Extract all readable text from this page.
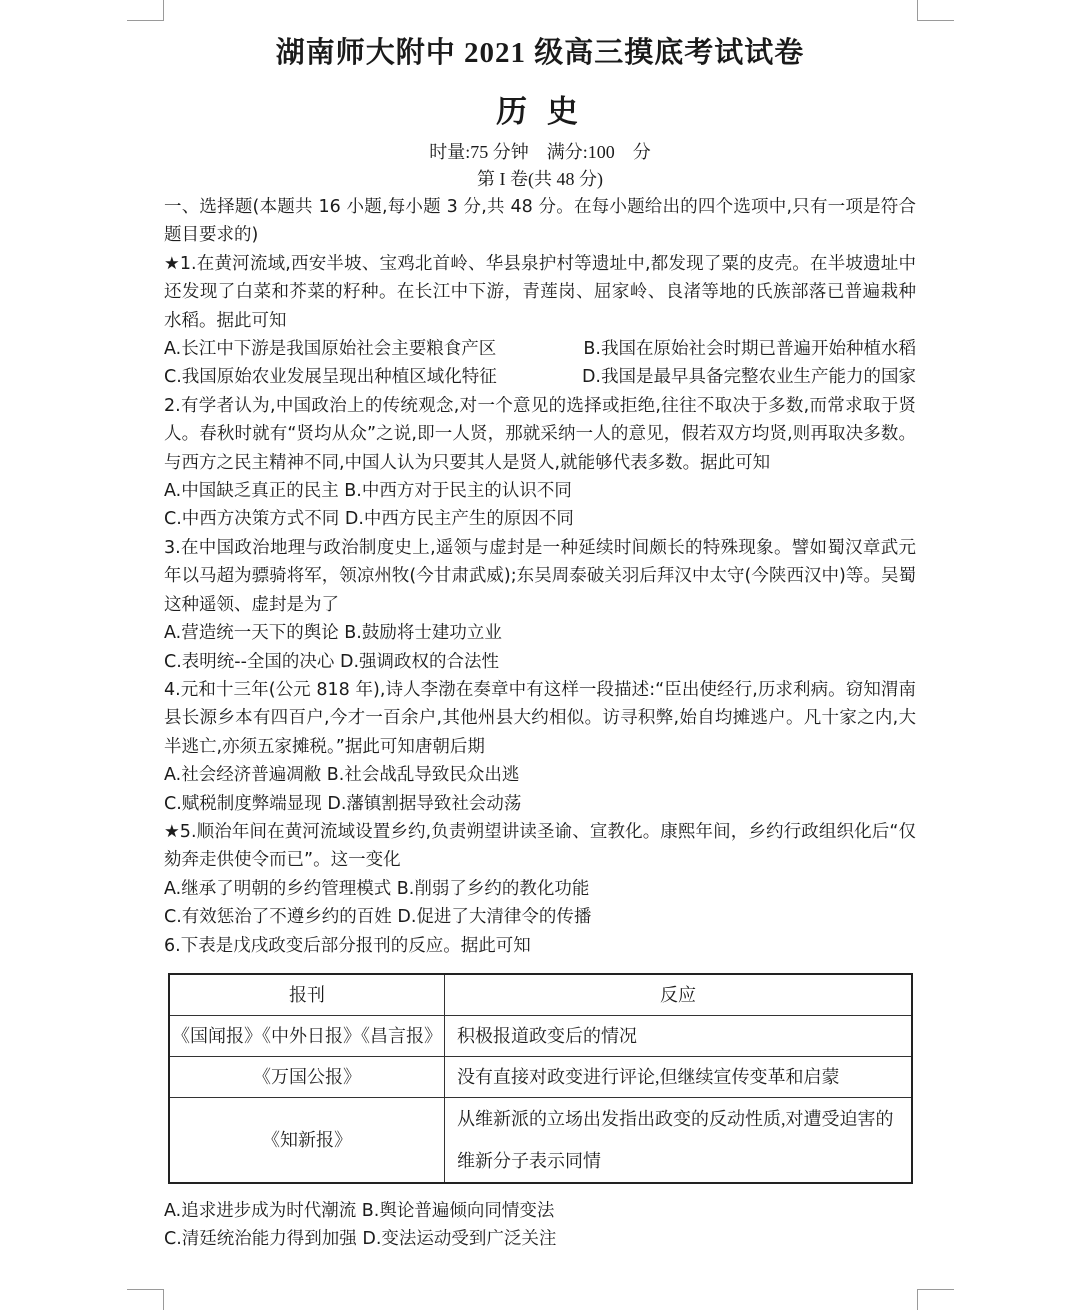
湖南师大附中 2021 级高三摸底考试试卷
历 史
时量:75 分钟　满分:100　分
第 I 卷(共 48 分)

一、选择题(本题共 16 小题,每小题 3 分,共 48 分。在每小题给出的四个选项中,只有一项是符合题目要求的)

★1.在黄河流域,西安半坡、宝鸡北首岭、华县泉护村等遗址中,都发现了粟的皮壳。在半坡遗址中还发现了白菜和芥菜的籽种。在长江中下游，青莲岗、屈家岭、良渚等地的氏族部落已普遍栽种水稻。据此可知

A.长江中下游是我国原始社会主要粮食产区	B.我国在原始社会时期已普遍开始种植水稻
C.我国原始农业发展呈现出种植区域化特征	D.我国是最早具备完整农业生产能力的国家

2.有学者认为,中国政治上的传统观念,对一个意见的选择或拒绝,往往不取决于多数,而常求取于贤人。春秋时就有“贤均从众”之说,即一人贤，那就采纳一人的意见，假若双方均贤,则再取决多数。与西方之民主精神不同,中国人认为只要其人是贤人,就能够代表多数。据此可知

A.中国缺乏真正的民主 B.中西方对于民主的认识不同

C.中西方决策方式不同 D.中西方民主产生的原因不同

3.在中国政治地理与政治制度史上,遥领与虚封是一种延续时间颇长的特殊现象。譬如蜀汉章武元年以马超为骠骑将军，领凉州牧(今甘肃武威);东吴周泰破关羽后拜汉中太守(今陕西汉中)等。吴蜀这种遥领、虚封是为了

A.营造统一天下的舆论 B.鼓励将士建功立业

C.表明统--全国的决心 D.强调政权的合法性

4.元和十三年(公元 818 年),诗人李渤在奏章中有这样一段描述:“臣出使经行,历求利病。窃知渭南县长源乡本有四百户,今才一百余户,其他州县大约相似。访寻积弊,始自均摊逃户。凡十家之内,大半逃亡,亦须五家摊税。”据此可知唐朝后期

A.社会经济普遍凋敝 B.社会战乱导致民众出逃

C.赋税制度弊端显现 D.藩镇割据导致社会动荡

★5.顺治年间在黄河流域设置乡约,负责朔望讲读圣谕、宣教化。康熙年间，乡约行政组织化后“仅劾奔走供使令而已”。这一变化

A.继承了明朝的乡约管理模式 B.削弱了乡约的教化功能

C.有效惩治了不遵乡约的百姓 D.促进了大清律令的传播

6.下表是戊戌政变后部分报刊的反应。据此可知

报刊	反应
《国闻报》《中外日报》《昌言报》	积极报道政变后的情况
《万国公报》	没有直接对政变进行评论,但继续宣传变革和启蒙
《知新报》	从维新派的立场出发指出政变的反动性质,对遭受迫害的维新分子表示同情

A.追求进步成为时代潮流 B.舆论普遍倾向同情变法

C.清廷统治能力得到加强 D.变法运动受到广泛关注
